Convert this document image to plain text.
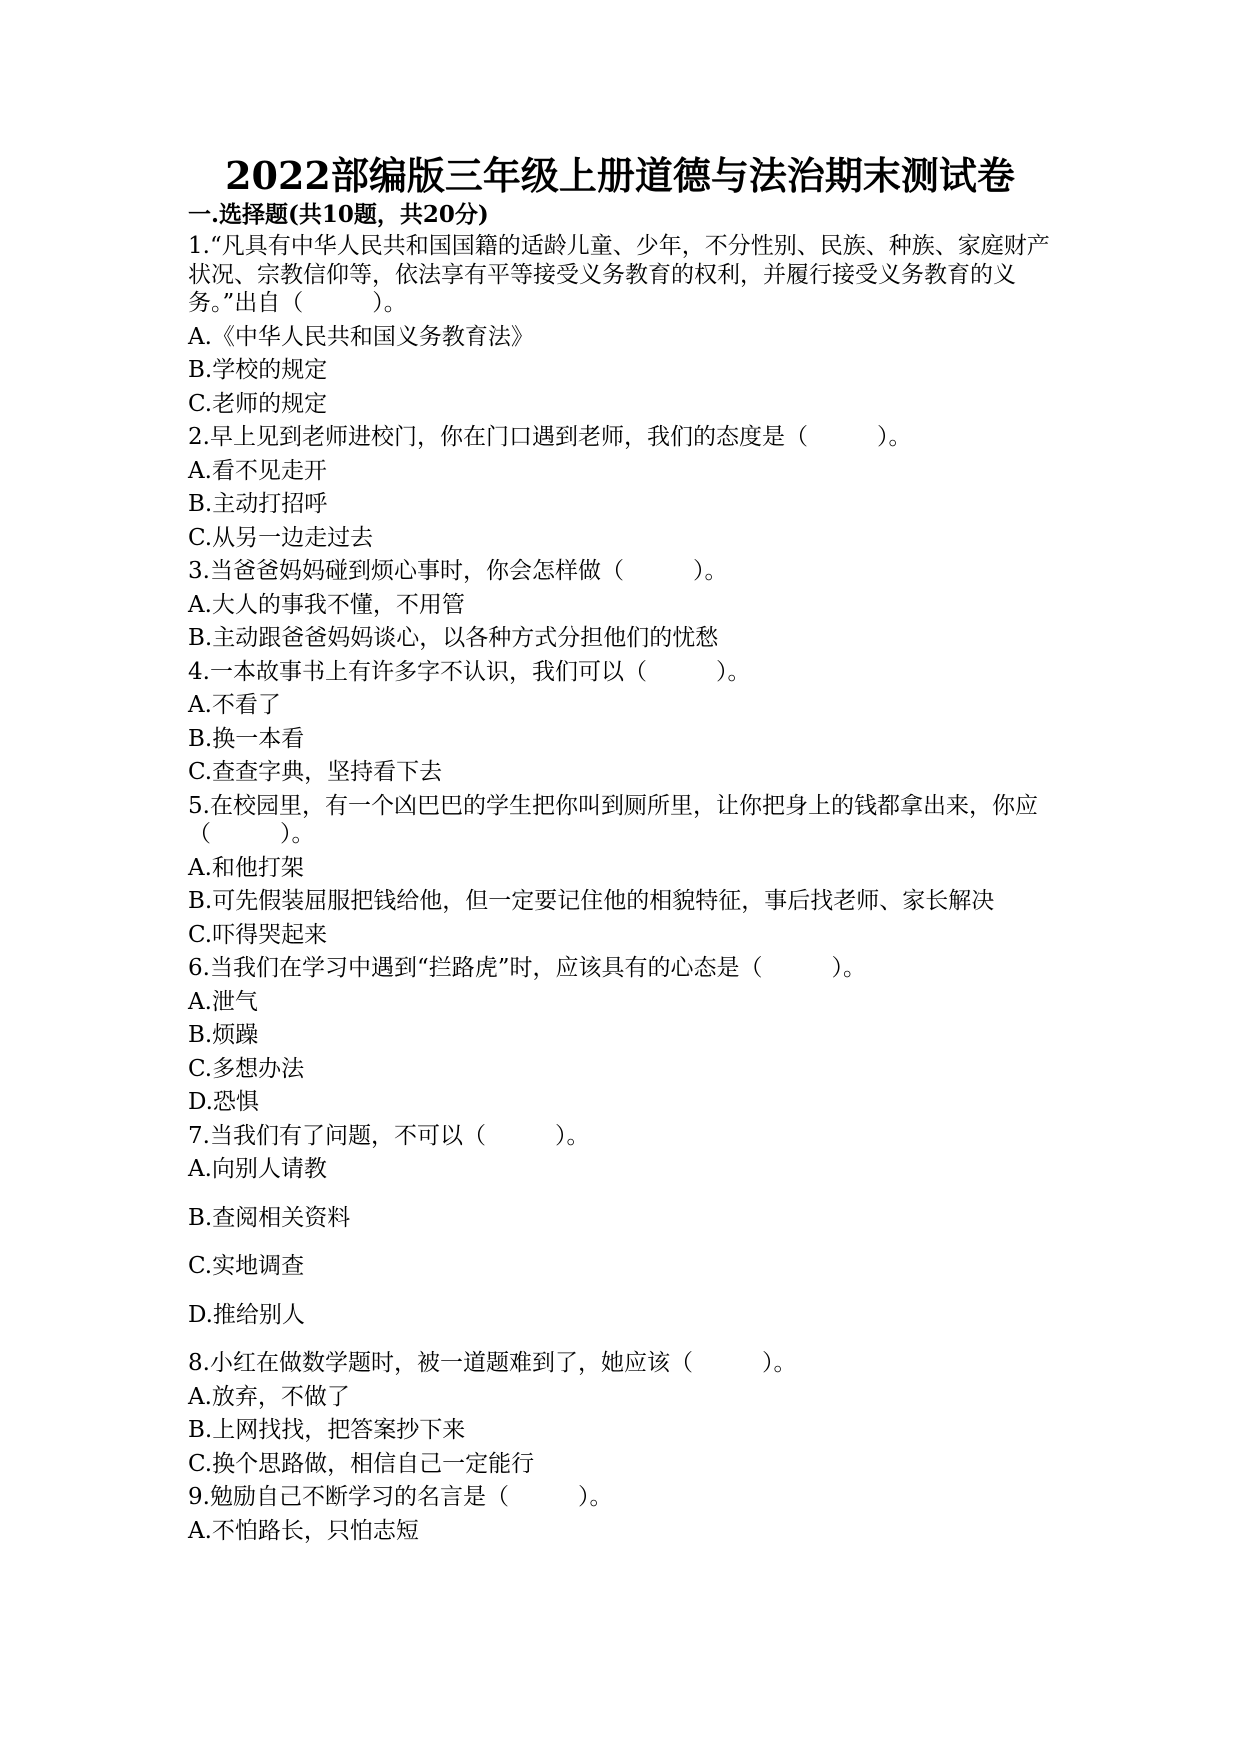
2022部编版三年级上册道德与法治期末测试卷
一.选择题(共10题，共20分)
1.“凡具有中华人民共和国国籍的适龄儿童、少年，不分性别、民族、种族、家庭财产状况、宗教信仰等，依法享有平等接受义务教育的权利，并履行接受义务教育的义务。”出自（　　　）。
A.《中华人民共和国义务教育法》
B.学校的规定
C.老师的规定
2.早上见到老师进校门，你在门口遇到老师，我们的态度是（　　　）。
A.看不见走开
B.主动打招呼
C.从另一边走过去
3.当爸爸妈妈碰到烦心事时，你会怎样做（　　　）。
A.大人的事我不懂，不用管
B.主动跟爸爸妈妈谈心，以各种方式分担他们的忧愁
4.一本故事书上有许多字不认识，我们可以（　　　）。
A.不看了
B.换一本看
C.查查字典，坚持看下去
5.在校园里，有一个凶巴巴的学生把你叫到厕所里，让你把身上的钱都拿出来，你应（　　　）。
A.和他打架
B.可先假装屈服把钱给他，但一定要记住他的相貌特征，事后找老师、家长解决
C.吓得哭起来
6.当我们在学习中遇到“拦路虎”时，应该具有的心态是（　　　）。
A.泄气
B.烦躁
C.多想办法
D.恐惧
7.当我们有了问题，不可以（　　　）。
A.向别人请教
B.查阅相关资料
C.实地调查
D.推给别人
8.小红在做数学题时，被一道题难到了，她应该（　　　）。
A.放弃，不做了
B.上网找找，把答案抄下来
C.换个思路做，相信自己一定能行
9.勉励自己不断学习的名言是（　　　）。
A.不怕路长，只怕志短
